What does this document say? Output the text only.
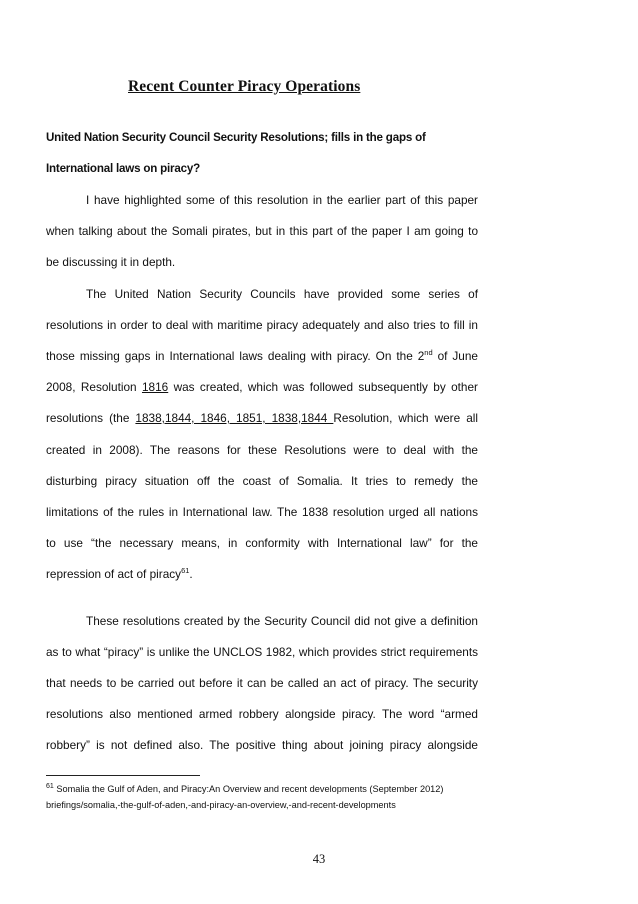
Recent Counter Piracy Operations
United Nation Security Council Security Resolutions; fills in the gaps of
International laws on piracy?
I have highlighted some of this resolution in the earlier part of this paper
when talking about the Somali pirates, but in this part of the paper I am going to
be discussing it in depth.
The United Nation Security Councils have provided some series of
resolutions in order to deal with maritime piracy adequately and also tries to fill in
those missing gaps in International laws dealing with piracy. On the 2nd of June
2008, Resolution 1816 was created, which was followed subsequently by other
resolutions (the 1838,1844, 1846, 1851, 1838,1844 Resolution, which were all
created in 2008). The reasons for these Resolutions were to deal with the
disturbing piracy situation off the coast of Somalia. It tries to remedy the
limitations of the rules in International law. The 1838 resolution urged all nations
to use “the necessary means, in conformity with International law” for the
repression of act of piracy$^{61}$.
These resolutions created by the Security Council did not give a definition
as to what “piracy” is unlike the UNCLOS 1982, which provides strict requirements
that needs to be carried out before it can be called an act of piracy. The security
resolutions also mentioned armed robbery alongside piracy. The word “armed
robbery” is not defined also. The positive thing about joining piracy alongside
$^{61}$ Somalia the Gulf of Aden, and Piracy:An Overview and recent developments (September 2012)
briefings/somalia,-the-gulf-of-aden,-and-piracy-an-overview,-and-recent-developments
43
